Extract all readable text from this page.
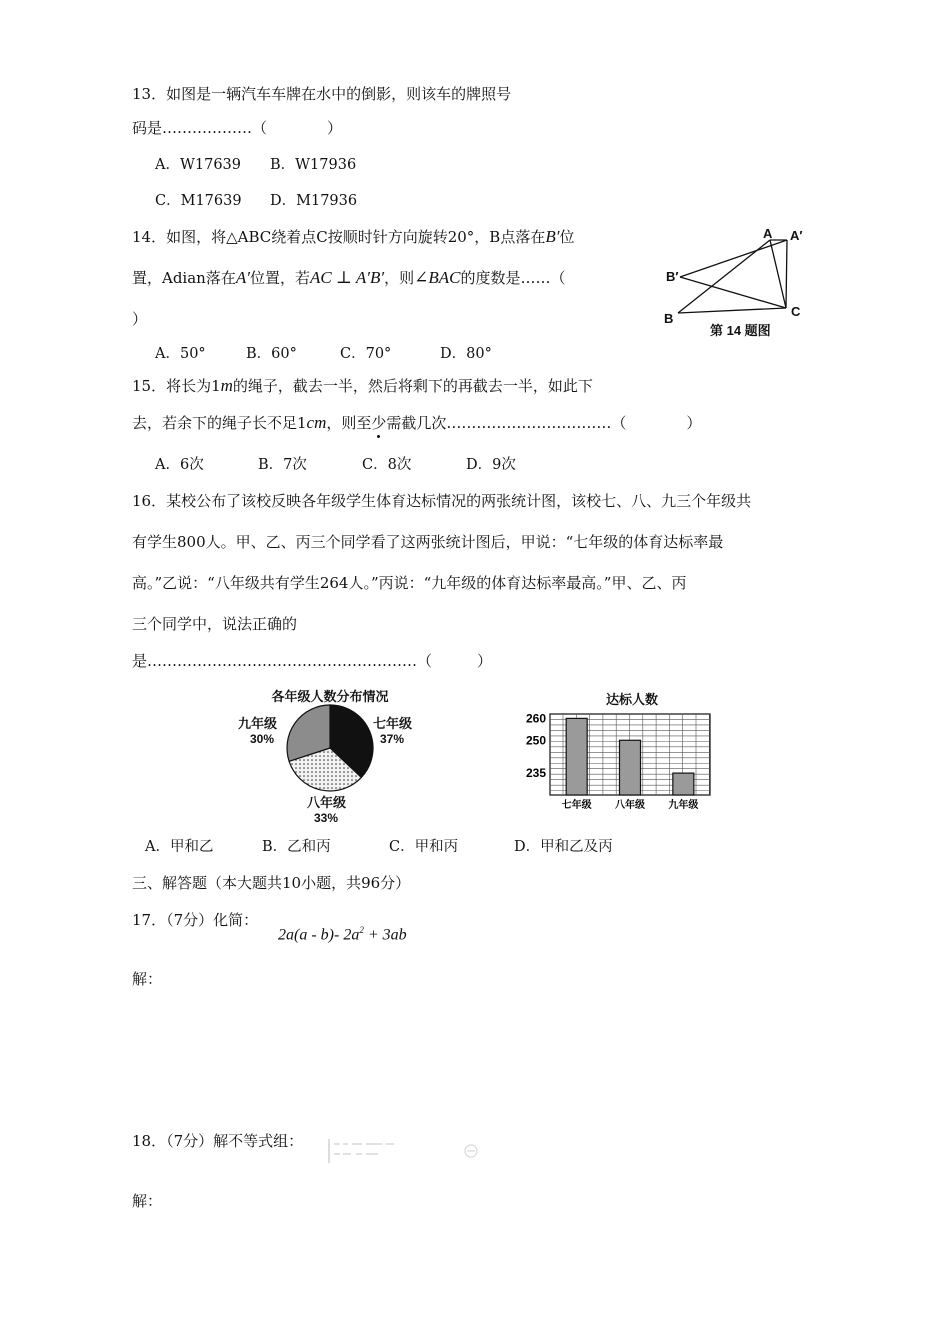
13．如图是一辆汽车车牌在水中的倒影，则该车的牌照号
码是………………（　　　　）
A．W17639 B．W17936
C．M17639 D．M17936
14．如图，将△ABC绕着点C按顺时针方向旋转20°，B点落在B′位
置，Adian落在A′位置，若AC ⊥ A′B′，则∠BAC的度数是……（
）
A．50°	B．60°	C．70°	D．80°
A A′
B′
B	C
第 14 题图
15．将长为1m的绳子，截去一半，然后将剩下的再截去一半，如此下
去，若余下的绳子长不足1cm，则至少需截几次……………………………（　　　　）
A．6次	B．7次	C．8次	D．9次
16．某校公布了该校反映各年级学生体育达标情况的两张统计图，该校七、八、九三个年级共
有学生800人。甲、乙、丙三个同学看了这两张统计图后，甲说：“七年级的体育达标率最
高。”乙说：“八年级共有学生264人。”丙说：“九年级的体育达标率最高。”甲、乙、丙
三个同学中，说法正确的
是………………………………………………（　　　）
各年级人数分布情况
九年级
30%
七年级
37%
八年级
33%
达标人数
260
250
235
七年级 八年级 九年级
A．甲和乙	B．乙和丙	C．甲和丙	D．甲和乙及丙
三、解答题（本大题共10小题，共96分）
17．（7分）化简：
2a(a - b)- $2a^2 + 3ab$
解：
18．（7分）解不等式组：
解：
